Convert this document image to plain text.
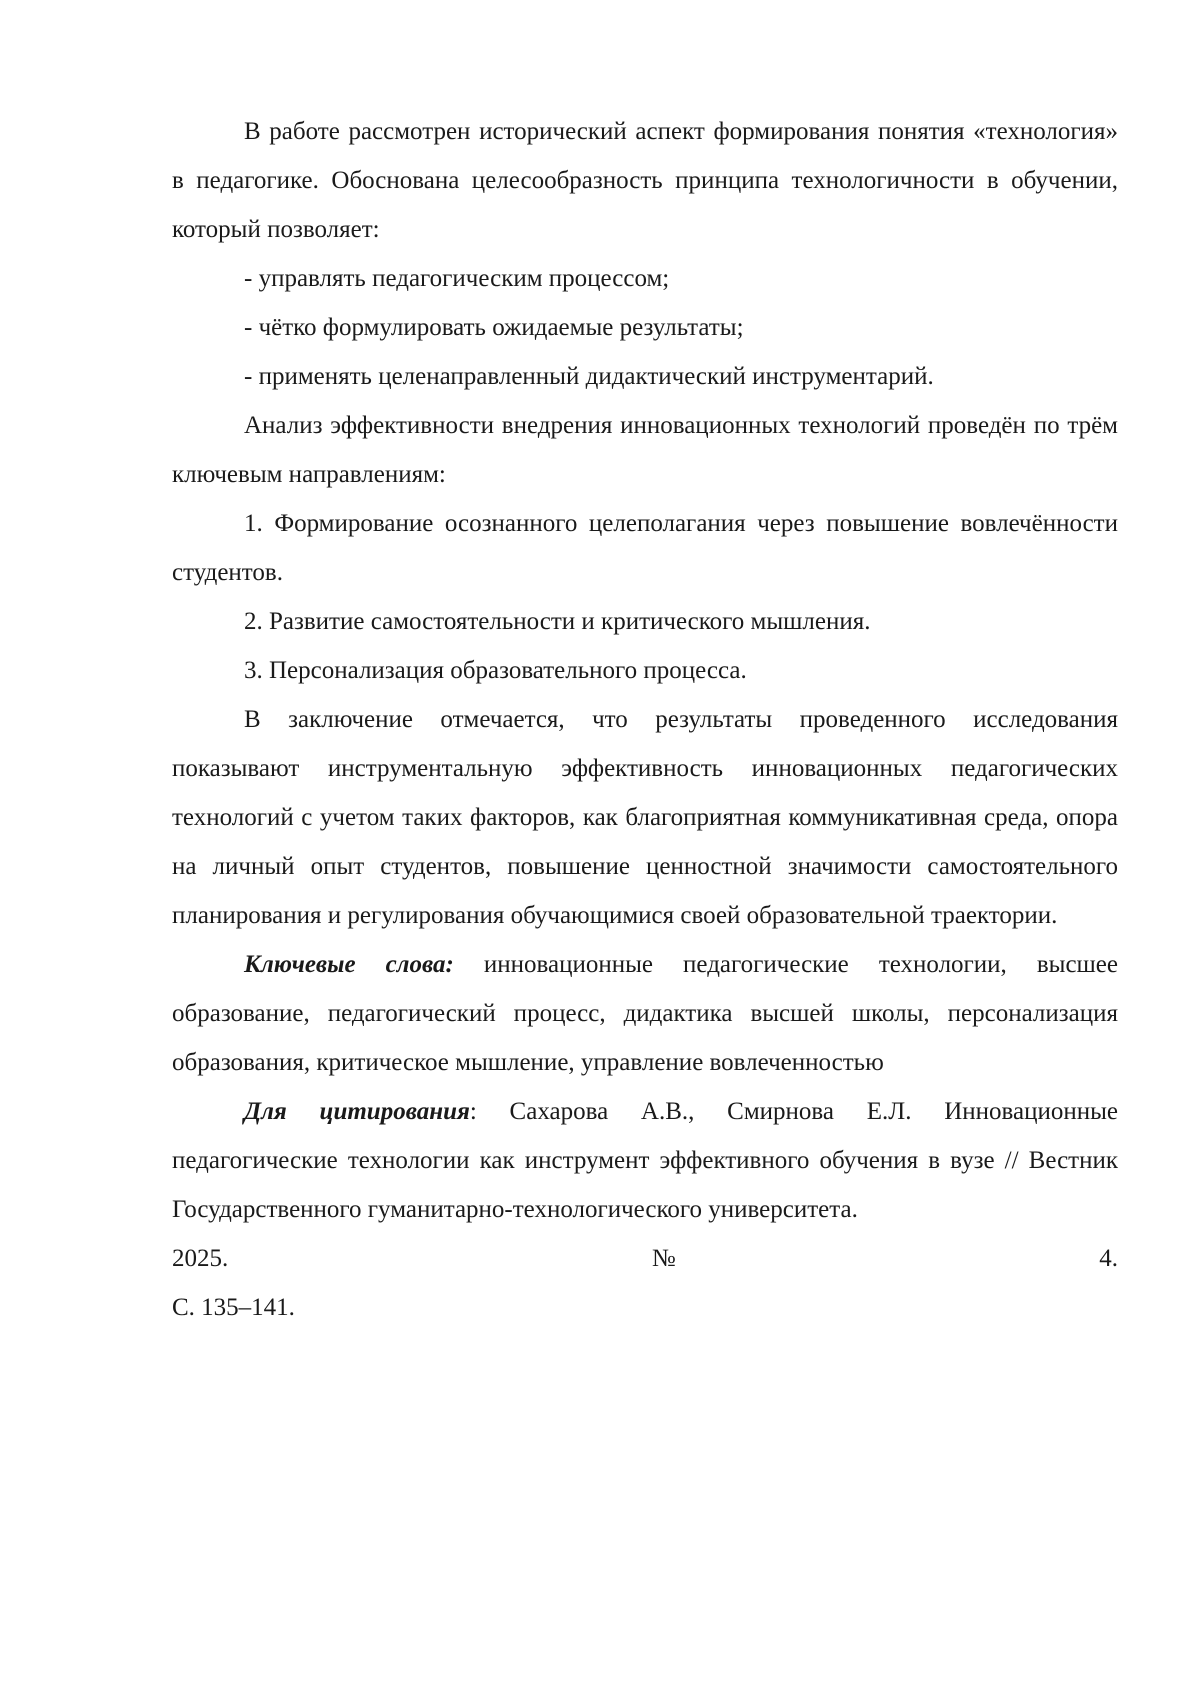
В работе рассмотрен исторический аспект формирования понятия «технология» в педагогике. Обоснована целесообразность принципа технологичности в обучении, который позволяет:

- управлять педагогическим процессом;

- чётко формулировать ожидаемые результаты;

- применять целенаправленный дидактический инструментарий.

Анализ эффективности внедрения инновационных технологий проведён по трём ключевым направлениям:

1. Формирование осознанного целеполагания через повышение вовлечённости студентов.

2. Развитие самостоятельности и критического мышления.

3. Персонализация образовательного процесса.

В заключение отмечается, что результаты проведенного исследования показывают инструментальную эффективность инновационных педагогических технологий с учетом таких факторов, как благоприятная коммуникативная среда, опора на личный опыт студентов, повышение ценностной значимости самостоятельного планирования и регулирования обучающимися своей образовательной траектории.

Ключевые слова: инновационные педагогические технологии, высшее образование, педагогический процесс, дидактика высшей школы, персонализация образования, критическое мышление, управление вовлеченностью

Для цитирования: Сахарова А.В., Смирнова Е.Л. Инновационные педагогические технологии как инструмент эффективного обучения в вузе // Вестник Государственного гуманитарно-технологического университета.

2025.	№	4.

С. 135–141.
